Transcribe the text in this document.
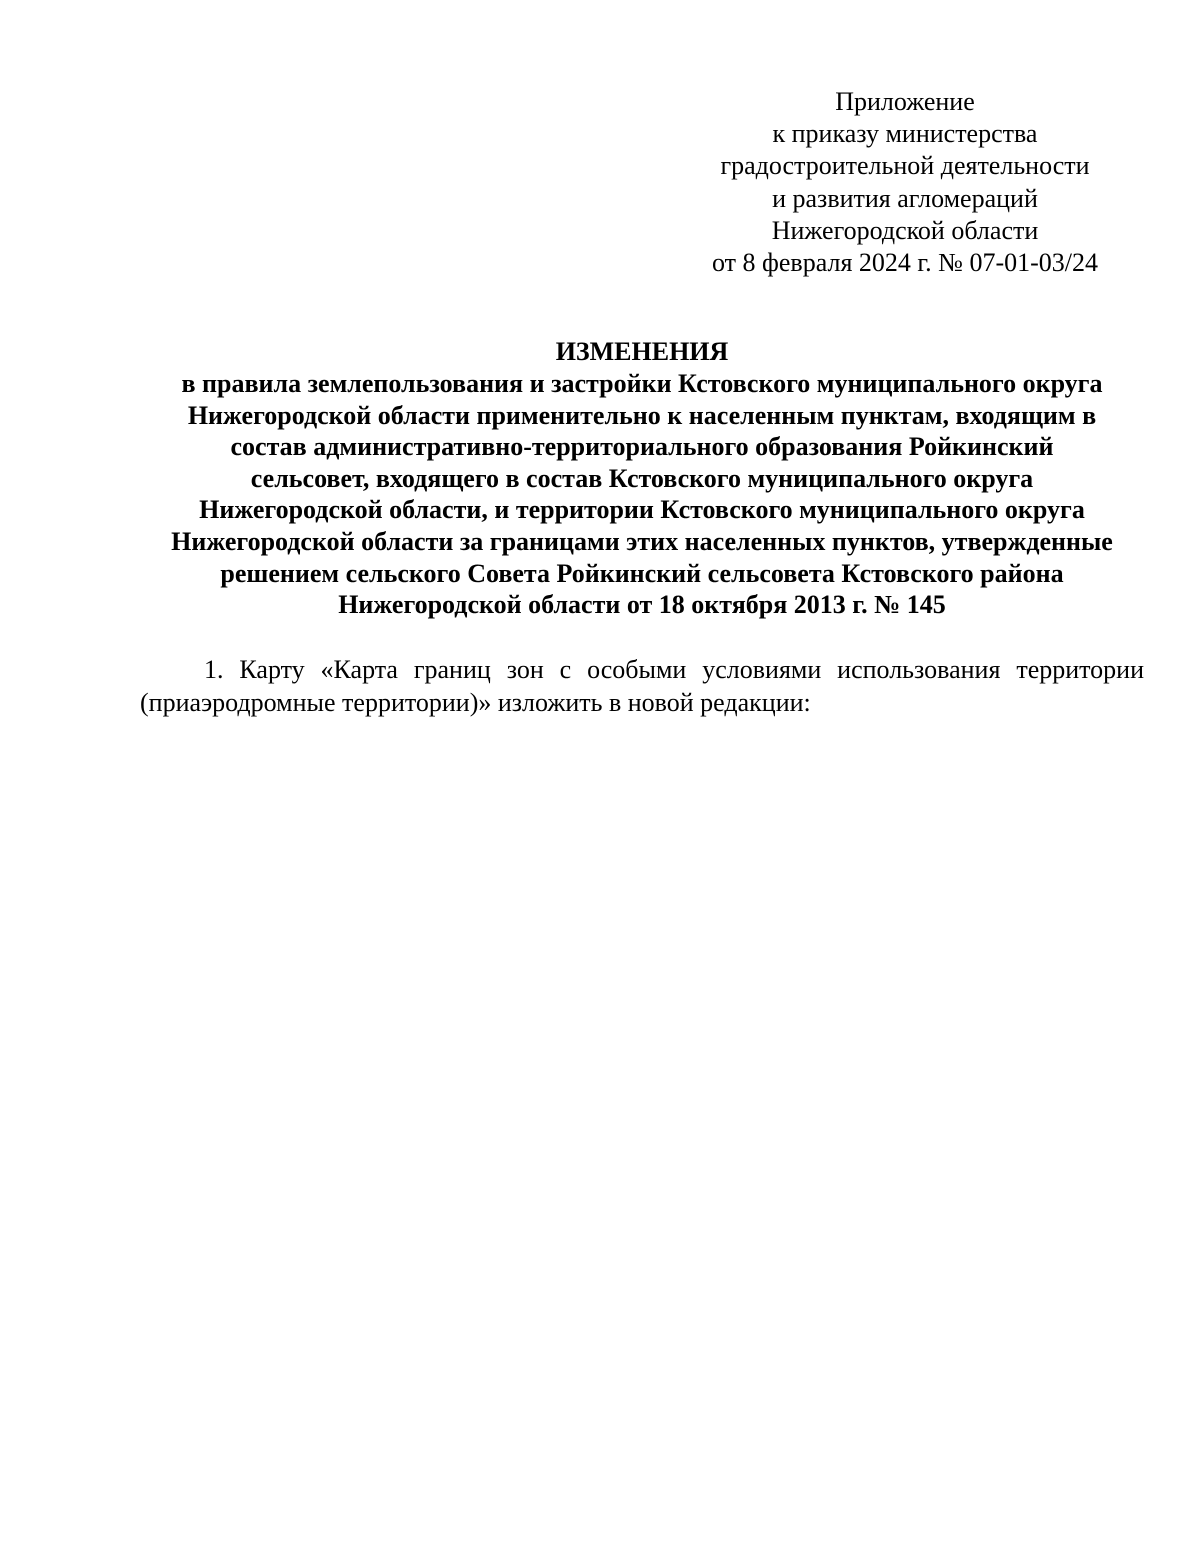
Приложение
к приказу министерства
градостроительной деятельности
и развития агломераций
Нижегородской области
от 8 февраля 2024 г. № 07-01-03/24
ИЗМЕНЕНИЯ
в правила землепользования и застройки Кстовского муниципального округа
Нижегородской области применительно к населенным пунктам, входящим в
состав административно-территориального образования Ройкинский
сельсовет, входящего в состав Кстовского муниципального округа
Нижегородской области, и территории Кстовского муниципального округа
Нижегородской области за границами этих населенных пунктов, утвержденные
решением сельского Совета Ройкинский сельсовета Кстовского района
Нижегородской области от 18 октября 2013 г. № 145
1. Карту «Карта границ зон с особыми условиями использования территории
(приаэродромные территории)» изложить в новой редакции:
